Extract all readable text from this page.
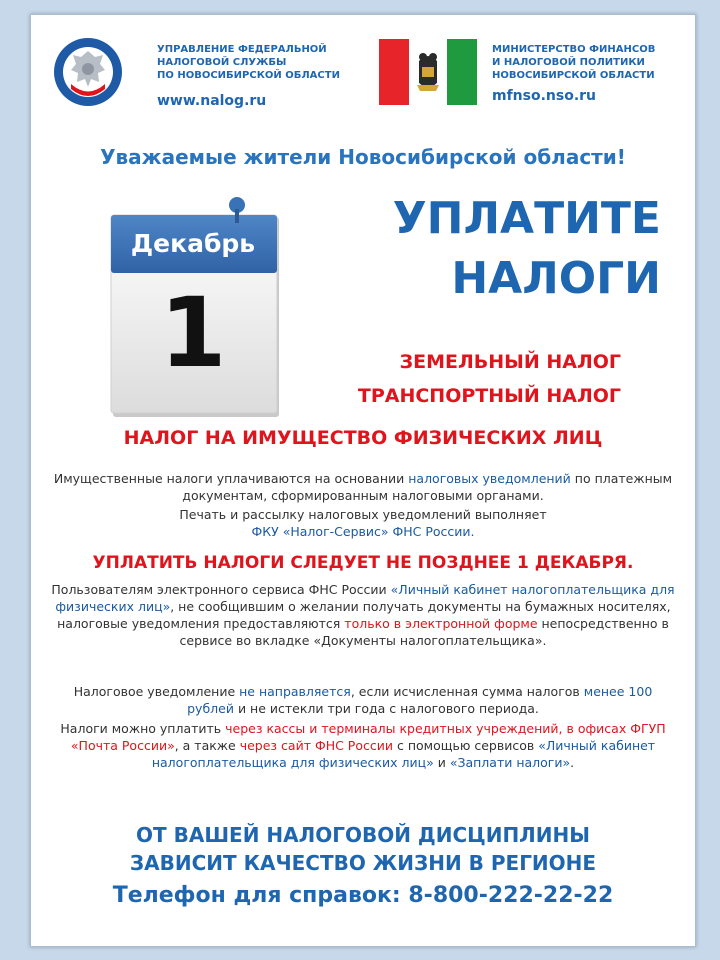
УПРАВЛЕНИЕ ФЕДЕРАЛЬНОЙ
НАЛОГОВОЙ СЛУЖБЫ
ПО НОВОСИБИРСКОЙ ОБЛАСТИ
www.nalog.ru
МИНИСТЕРСТВО ФИНАНСОВ
И НАЛОГОВОЙ ПОЛИТИКИ
НОВОСИБИРСКОЙ ОБЛАСТИ
mfnso.nso.ru
Уважаемые жители Новосибирской области!
Декабрь
1
УПЛАТИТЕ
НАЛОГИ
ЗЕМЕЛЬНЫЙ НАЛОГ
ТРАНСПОРТНЫЙ НАЛОГ
НАЛОГ НА ИМУЩЕСТВО ФИЗИЧЕСКИХ ЛИЦ
Имущественные налоги уплачиваются на основании налоговых уведомлений по платежным документам, сформированным налоговыми органами.
Печать и рассылку налоговых уведомлений выполняет
ФКУ «Налог-Сервис» ФНС России.
УПЛАТИТЬ НАЛОГИ СЛЕДУЕТ НЕ ПОЗДНЕЕ 1 ДЕКАБРЯ.
Пользователям электронного сервиса ФНС России «Личный кабинет налогоплательщика для физических лиц», не сообщившим о желании получать документы на бумажных носителях, налоговые уведомления предоставляются только в электронной форме непосредственно в сервисе во вкладке «Документы налогоплательщика».
Налоговое уведомление не направляется, если исчисленная сумма налогов менее 100 рублей и не истекли три года с налогового периода.
Налоги можно уплатить через кассы и терминалы кредитных учреждений, в офисах ФГУП «Почта России», а также через сайт ФНС России с помощью сервисов «Личный кабинет налогоплательщика для физических лиц» и «Заплати налоги».
ОТ ВАШЕЙ НАЛОГОВОЙ ДИСЦИПЛИНЫ
ЗАВИСИТ КАЧЕСТВО ЖИЗНИ В РЕГИОНЕ
Телефон для справок: 8-800-222-22-22
